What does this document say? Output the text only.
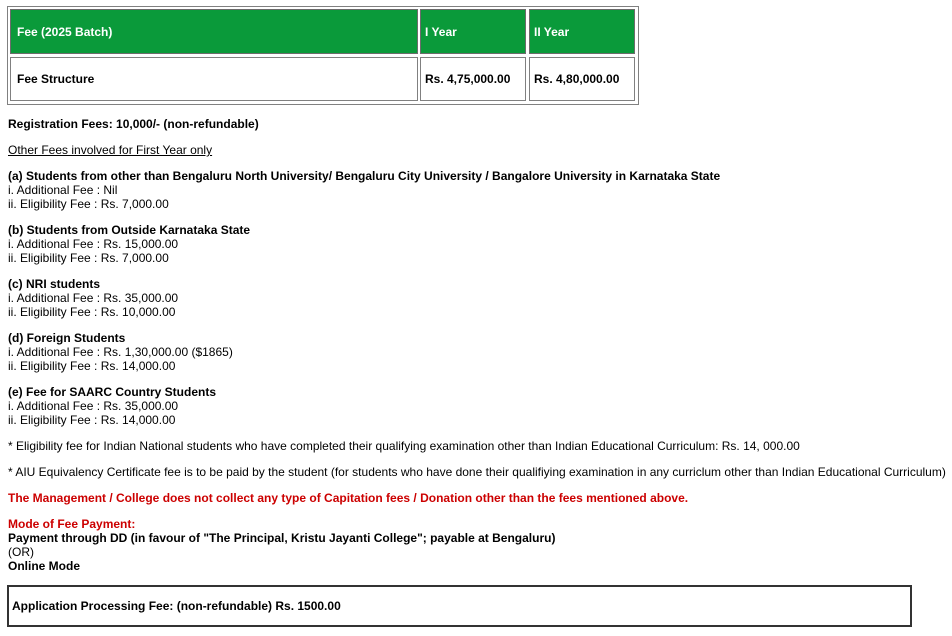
Fee (2025 Batch)	I Year	II Year
Fee Structure	Rs. 4,75,000.00	Rs. 4,80,000.00
Registration Fees: 10,000/- (non-refundable)
Other Fees involved for First Year only
(a) Students from other than Bengaluru North University/ Bengaluru City University / Bangalore University in Karnataka State
i. Additional Fee : Nil
ii. Eligibility Fee : Rs. 7,000.00
(b) Students from Outside Karnataka State
i. Additional Fee : Rs. 15,000.00
ii. Eligibility Fee : Rs. 7,000.00
(c) NRI students
i. Additional Fee : Rs. 35,000.00
ii. Eligibility Fee : Rs. 10,000.00
(d) Foreign Students
i. Additional Fee : Rs. 1,30,000.00 ($1865)
ii. Eligibility Fee : Rs. 14,000.00
(e) Fee for SAARC Country Students
i. Additional Fee : Rs. 35,000.00
ii. Eligibility Fee : Rs. 14,000.00
* Eligibility fee for Indian National students who have completed their qualifying examination other than Indian Educational Curriculum: Rs. 14, 000.00
* AIU Equivalency Certificate fee is to be paid by the student (for students who have done their qualifiying examination in any curriclum other than Indian Educational Curriculum)
The Management / College does not collect any type of Capitation fees / Donation other than the fees mentioned above.
Mode of Fee Payment:
Payment through DD (in favour of "The Principal, Kristu Jayanti College"; payable at Bengaluru)
(OR)
Online Mode
Application Processing Fee: (non-refundable) Rs. 1500.00
